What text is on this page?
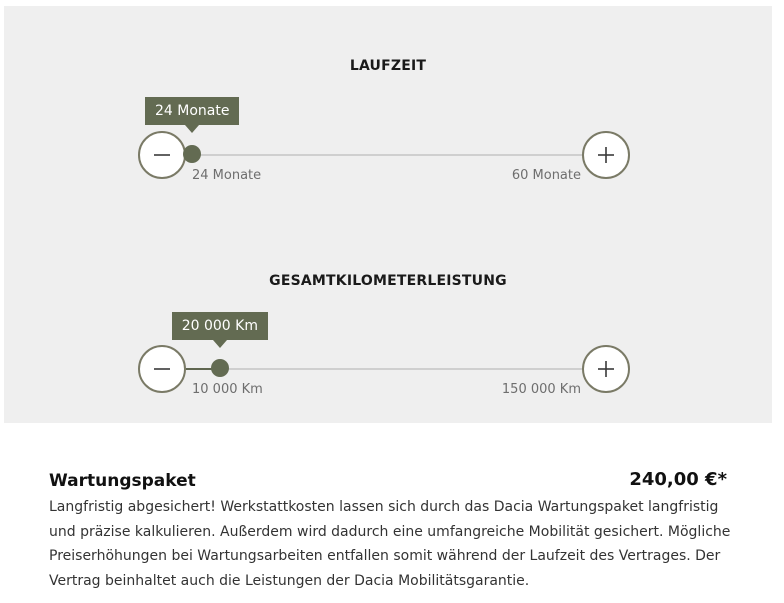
LAUFZEIT
24 Monate
24 Monate	60 Monate
GESAMTKILOMETERLEISTUNG
20 000 Km
10 000 Km	150 000 Km
Wartungspaket	240,00 €*

Langfristig abgesichert! Werkstattkosten lassen sich durch das Dacia Wartungspaket langfristig und präzise kalkulieren. Außerdem wird dadurch eine umfangreiche Mobilität gesichert. Mögliche Preiserhöhungen bei Wartungsarbeiten entfallen somit während der Laufzeit des Vertrages. Der Vertrag beinhaltet auch die Leistungen der Dacia Mobilitätsgarantie.
